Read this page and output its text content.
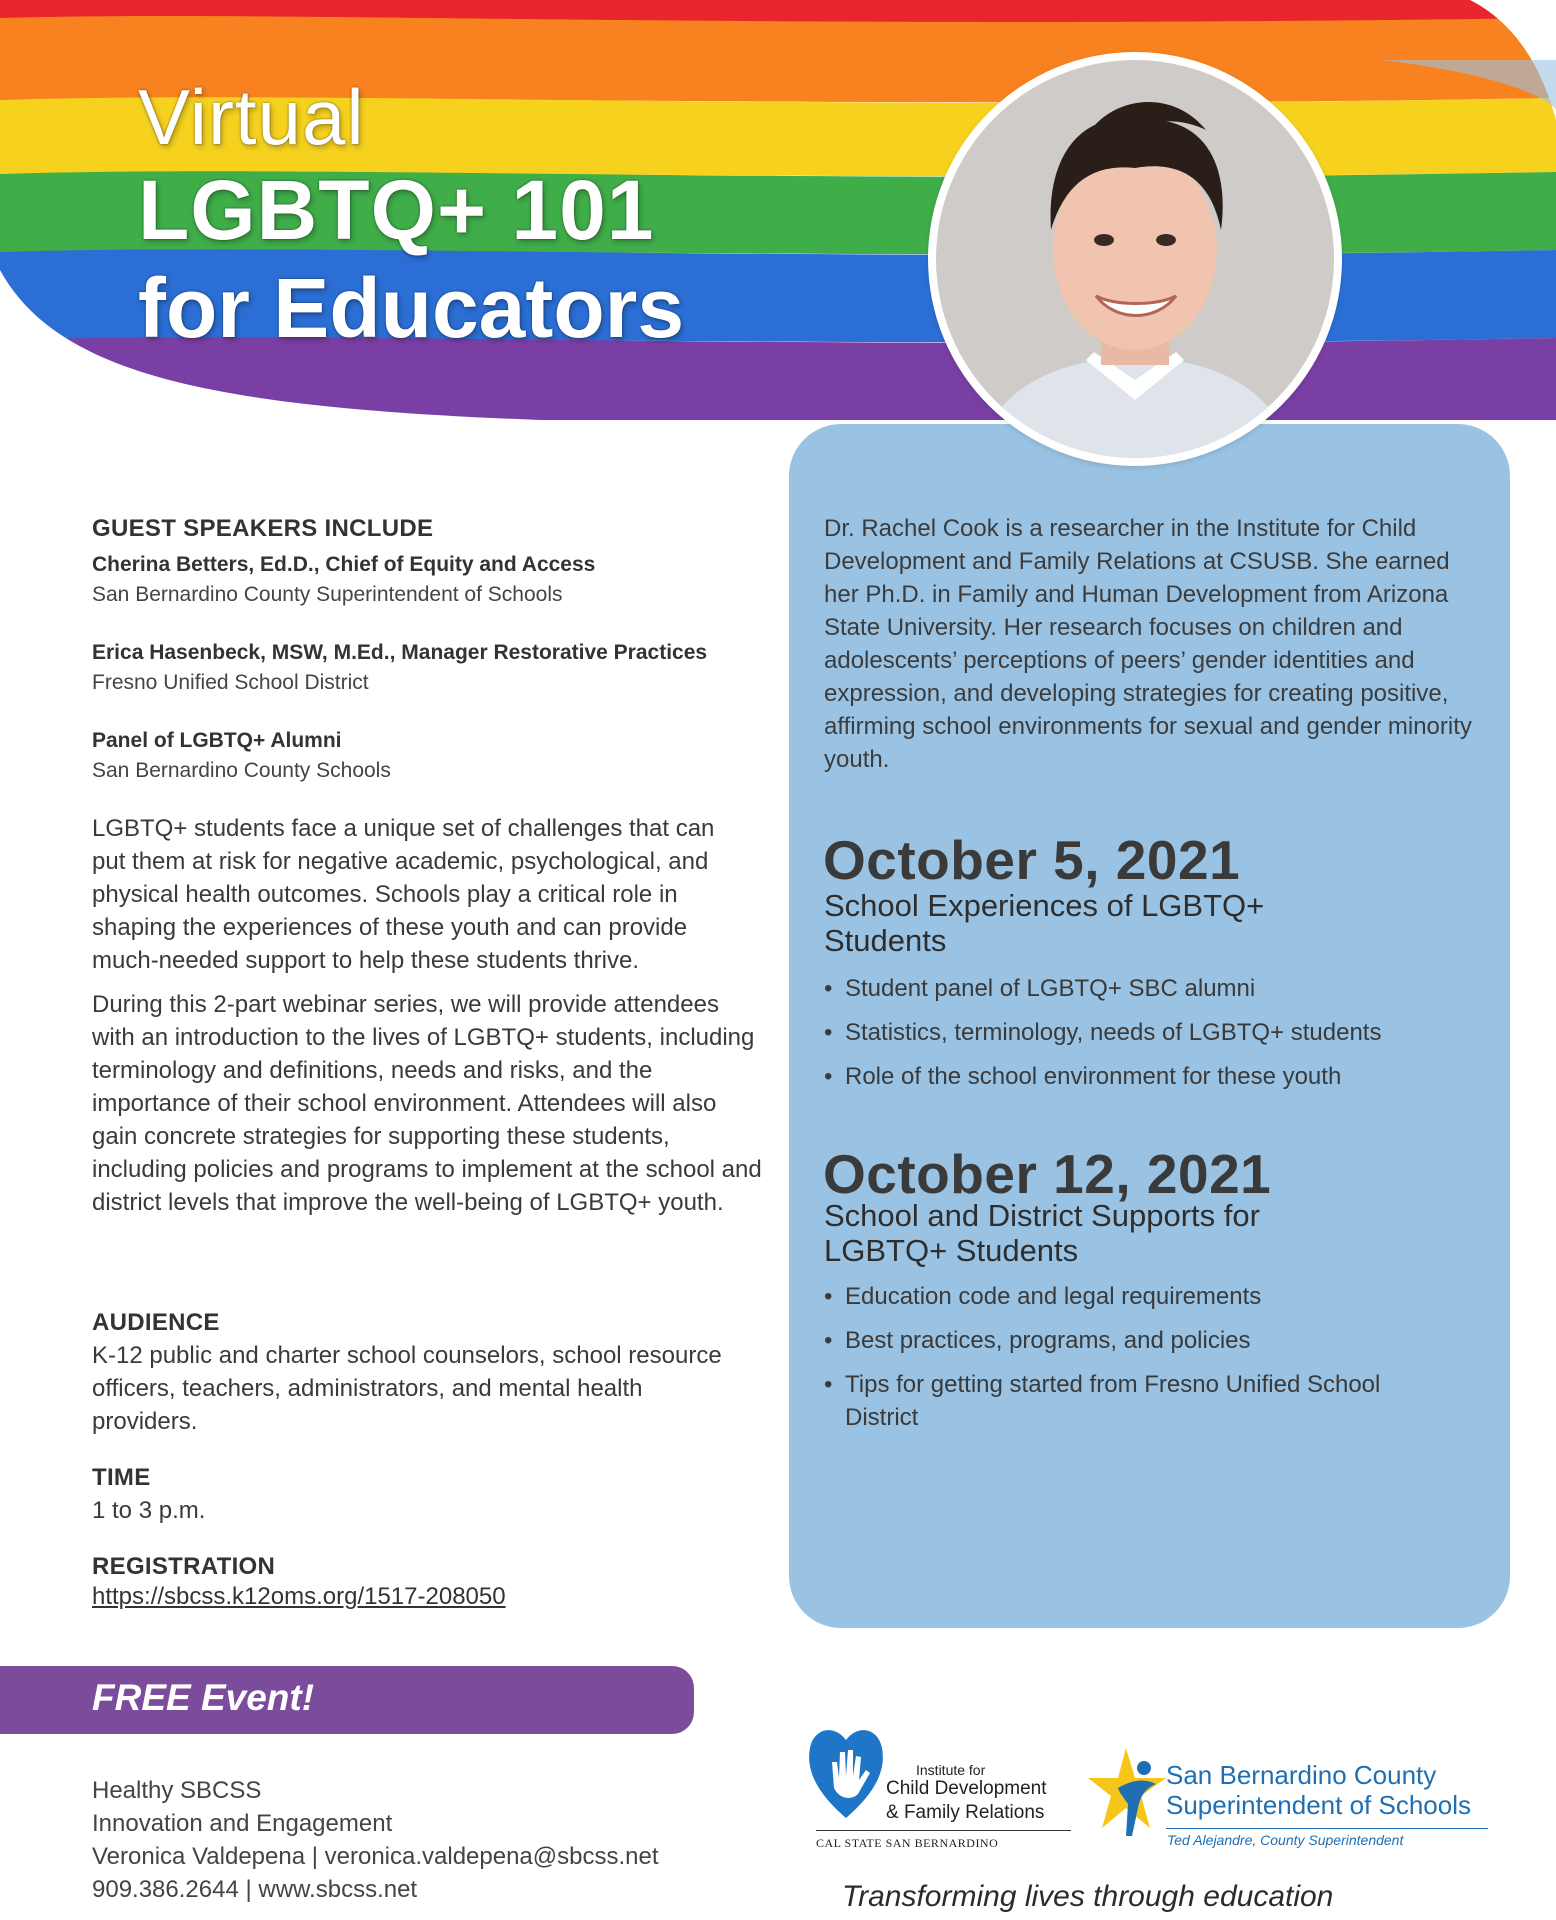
Virtual
LGBTQ+ 101
for Educators
Dr. Rachel Cook is a researcher in the Institute for Child Development and Family Relations at CSUSB. She earned her Ph.D. in Family and Human Development from Arizona State University. Her research focuses on children and adolescents’ perceptions of peers’ gender identities and expression, and developing strategies for creating positive, affirming school environments for sexual and gender minority youth.
October 5, 2021
School Experiences of LGBTQ+ Students
• Student panel of LGBTQ+ SBC alumni
• Statistics, terminology, needs of LGBTQ+ students
• Role of the school environment for these youth
October 12, 2021
School and District Supports for LGBTQ+ Students
• Education code and legal requirements
• Best practices, programs, and policies
• Tips for getting started from Fresno Unified School District
GUEST SPEAKERS INCLUDE
Cherina Betters, Ed.D., Chief of Equity and Access
San Bernardino County Superintendent of Schools
Erica Hasenbeck, MSW, M.Ed., Manager Restorative Practices
Fresno Unified School District
Panel of LGBTQ+ Alumni
San Bernardino County Schools

LGBTQ+ students face a unique set of challenges that can put them at risk for negative academic, psychological, and physical health outcomes. Schools play a critical role in shaping the experiences of these youth and can provide much-needed support to help these students thrive.

During this 2-part webinar series, we will provide attendees with an introduction to the lives of LGBTQ+ students, including terminology and definitions, needs and risks, and the importance of their school environment. Attendees will also gain concrete strategies for supporting these students, including policies and programs to implement at the school and district levels that improve the well-being of LGBTQ+ youth.

AUDIENCE

K-12 public and charter school counselors, school resource officers, teachers, administrators, and mental health providers.

TIME
1 to 3 p.m.
REGISTRATION
https://sbcss.k12oms.org/1517-208050
FREE Event!
Healthy SBCSS
Innovation and Engagement
Veronica Valdepena | veronica.valdepena@sbcss.net
909.386.2644 | www.sbcss.net
Institute for
Child Development
& Family Relations
CAL STATE SAN BERNARDINO
San Bernardino County
Superintendent of Schools
Ted Alejandre, County Superintendent
Transforming lives through education
